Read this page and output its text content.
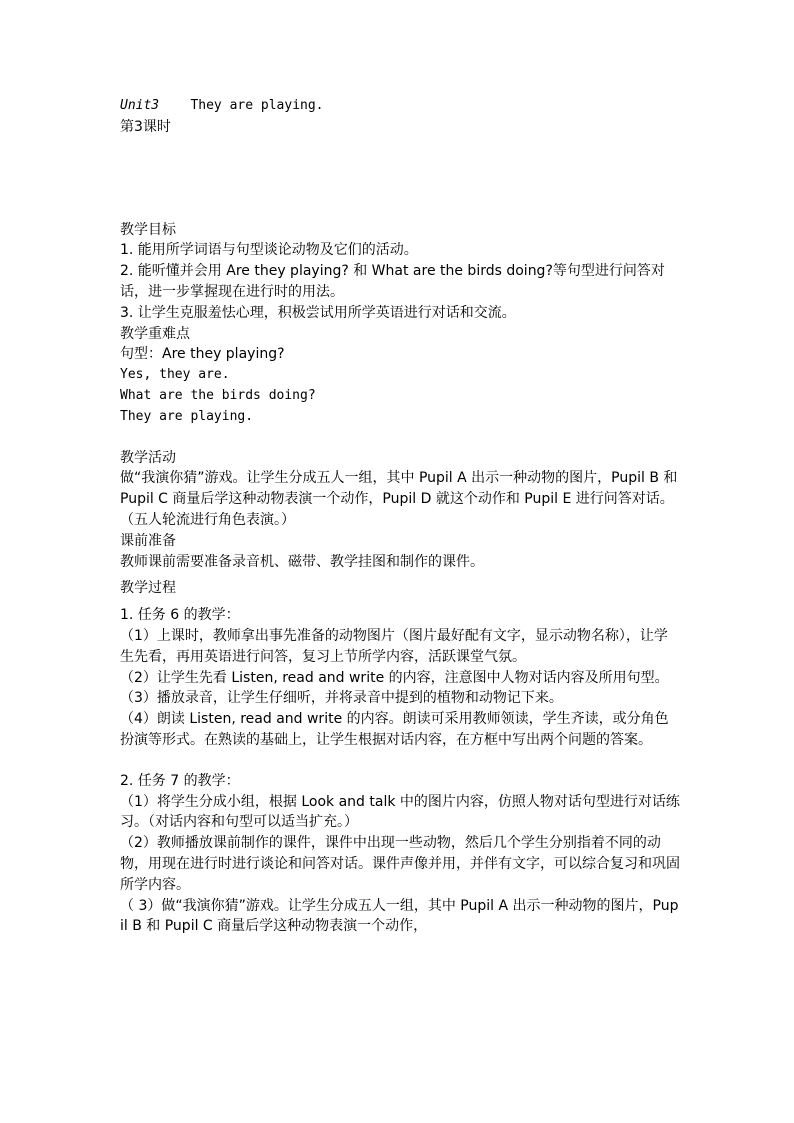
Unit3 They are playing.
第3课时
教学目标
1. 能用所学词语与句型谈论动物及它们的活动。
2. 能听懂并会用 Are they playing? 和 What are the birds doing?等句型进行问答对话，进一步掌握现在进行时的用法。
3. 让学生克服羞怯心理，积极尝试用所学英语进行对话和交流。
教学重难点
句型：Are they playing?
Yes, they are.
What are the birds doing?
They are playing.
教学活动
做“我演你猜”游戏。让学生分成五人一组，其中 Pupil A 出示一种动物的图片，Pupil B 和 Pupil C 商量后学这种动物表演一个动作，Pupil D 就这个动作和 Pupil E 进行问答对话。（五人轮流进行角色表演。）
课前准备
教师课前需要准备录音机、磁带、教学挂图和制作的课件。
教学过程
1. 任务 6 的教学：
（1）上课时，教师拿出事先准备的动物图片（图片最好配有文字，显示动物名称），让学生先看，再用英语进行问答，复习上节所学内容，活跃课堂气氛。
（2）让学生先看 Listen, read and write 的内容，注意图中人物对话内容及所用句型。
（3）播放录音，让学生仔细听，并将录音中提到的植物和动物记下来。
（4）朗读 Listen, read and write 的内容。朗读可采用教师领读，学生齐读，或分角色扮演等形式。在熟读的基础上，让学生根据对话内容，在方框中写出两个问题的答案。
2. 任务 7 的教学：
（1）将学生分成小组，根据 Look and talk 中的图片内容，仿照人物对话句型进行对话练习。（对话内容和句型可以适当扩充。）
（2）教师播放课前制作的课件，课件中出现一些动物，然后几个学生分别指着不同的动物，用现在进行时进行谈论和问答对话。课件声像并用，并伴有文字，可以综合复习和巩固所学内容。
（ 3）做“我演你猜”游戏。让学生分成五人一组，其中 Pupil A 出示一种动物的图片，Pupil B 和 Pupil C 商量后学这种动物表演一个动作，
